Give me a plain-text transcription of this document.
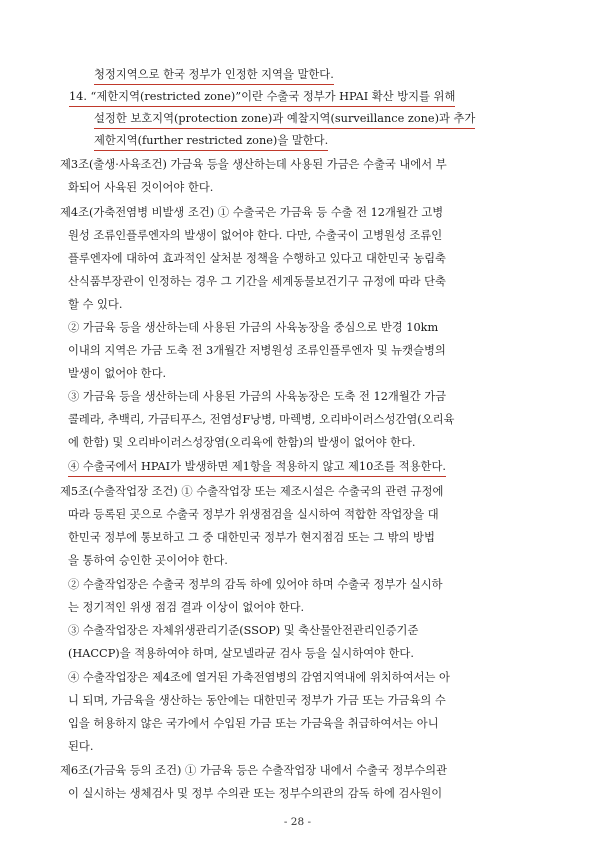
청정지역으로 한국 정부가 인정한 지역을 말한다.
14. “제한지역(restricted zone)”이란 수출국 정부가 HPAI 확산 방지를 위해
설정한 보호지역(protection zone)과 예찰지역(surveillance zone)과 추가
제한지역(further restricted zone)을 말한다.
제3조(출생·사육조건) 가금육 등을 생산하는데 사용된 가금은 수출국 내에서 부
화되어 사육된 것이어야 한다.
제4조(가축전염병 비발생 조건) ① 수출국은 가금육 등 수출 전 12개월간 고병
원성 조류인플루엔자의 발생이 없어야 한다. 다만, 수출국이 고병원성 조류인
플루엔자에 대하여 효과적인 살처분 정책을 수행하고 있다고 대한민국 농림축
산식품부장관이 인정하는 경우 그 기간을 세계동물보건기구 규정에 따라 단축
할 수 있다.
② 가금육 등을 생산하는데 사용된 가금의 사육농장을 중심으로 반경 10km
이내의 지역은 가금 도축 전 3개월간 저병원성 조류인플루엔자 및 뉴캣슬병의
발생이 없어야 한다.
③ 가금육 등을 생산하는데 사용된 가금의 사육농장은 도축 전 12개월간 가금
콜레라, 추백리, 가금티푸스, 전염성F낭병, 마렉병, 오리바이러스성간염(오리육
에 한함) 및 오리바이러스성장염(오리육에 한함)의 발생이 없어야 한다.
④ 수출국에서 HPAI가 발생하면 제1항을 적용하지 않고 제10조를 적용한다.
제5조(수출작업장 조건) ① 수출작업장 또는 제조시설은 수출국의 관련 규정에
따라 등록된 곳으로 수출국 정부가 위생점검을 실시하여 적합한 작업장을 대
한민국 정부에 통보하고 그 중 대한민국 정부가 현지점검 또는 그 밖의 방법
을 통하여 승인한 곳이어야 한다.
② 수출작업장은 수출국 정부의 감독 하에 있어야 하며 수출국 정부가 실시하
는 정기적인 위생 점검 결과 이상이 없어야 한다.
③ 수출작업장은 자체위생관리기준(SSOP) 및 축산물안전관리인증기준
(HACCP)을 적용하여야 하며, 살모넬라균 검사 등을 실시하여야 한다.
④ 수출작업장은 제4조에 열거된 가축전염병의 감염지역내에 위치하여서는 아
니 되며, 가금육을 생산하는 동안에는 대한민국 정부가 가금 또는 가금육의 수
입을 허용하지 않은 국가에서 수입된 가금 또는 가금육을 취급하여서는 아니
된다.
제6조(가금육 등의 조건) ① 가금육 등은 수출작업장 내에서 수출국 정부수의관
이 실시하는 생체검사 및 정부 수의관 또는 정부수의관의 감독 하에 검사원이
- 28 -
